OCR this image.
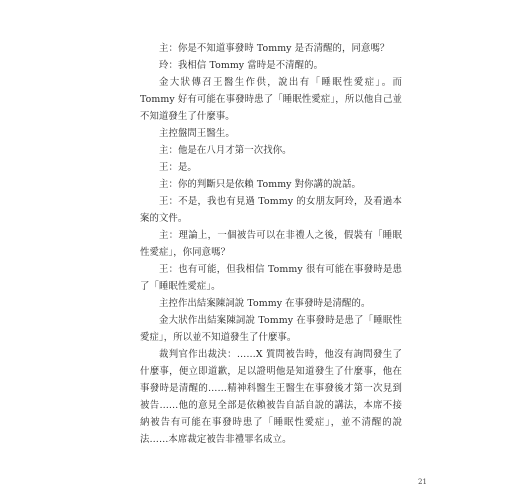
主：你是不知道事發時 Tommy 是否清醒的，同意嗎？

玲：我相信 Tommy 當時是不清醒的。

金大狀傳召王醫生作供，說出有「睡眠性愛症」。而 Tommy 好有可能在事發時患了「睡眠性愛症」，所以他自己並不知道發生了什麼事。

主控盤問王醫生。

主：他是在八月才第一次找你。

王：是。

主：你的判斷只是依賴 Tommy 對你講的說話。

王：不是，我也有見過 Tommy 的女朋友阿玲，及看過本案的文件。

主：理論上，一個被告可以在非禮人之後，假裝有「睡眠性愛症」，你同意嗎？

王：也有可能，但我相信 Tommy 很有可能在事發時是患了「睡眠性愛症」。

主控作出結案陳詞說 Tommy 在事發時是清醒的。

金大狀作出結案陳詞說 Tommy 在事發時是患了「睡眠性愛症」，所以並不知道發生了什麼事。

裁判官作出裁決：……X 質問被告時，他沒有詢問發生了什麼事，便立即道歉，足以證明他是知道發生了什麼事，他在事發時是清醒的……精神科醫生王醫生在事發後才第一次見到被告……他的意見全部是依賴被告自話自說的講法，本席不接納被告有可能在事發時患了「睡眠性愛症」，並不清醒的說法……本席裁定被告非禮罪名成立。

21
